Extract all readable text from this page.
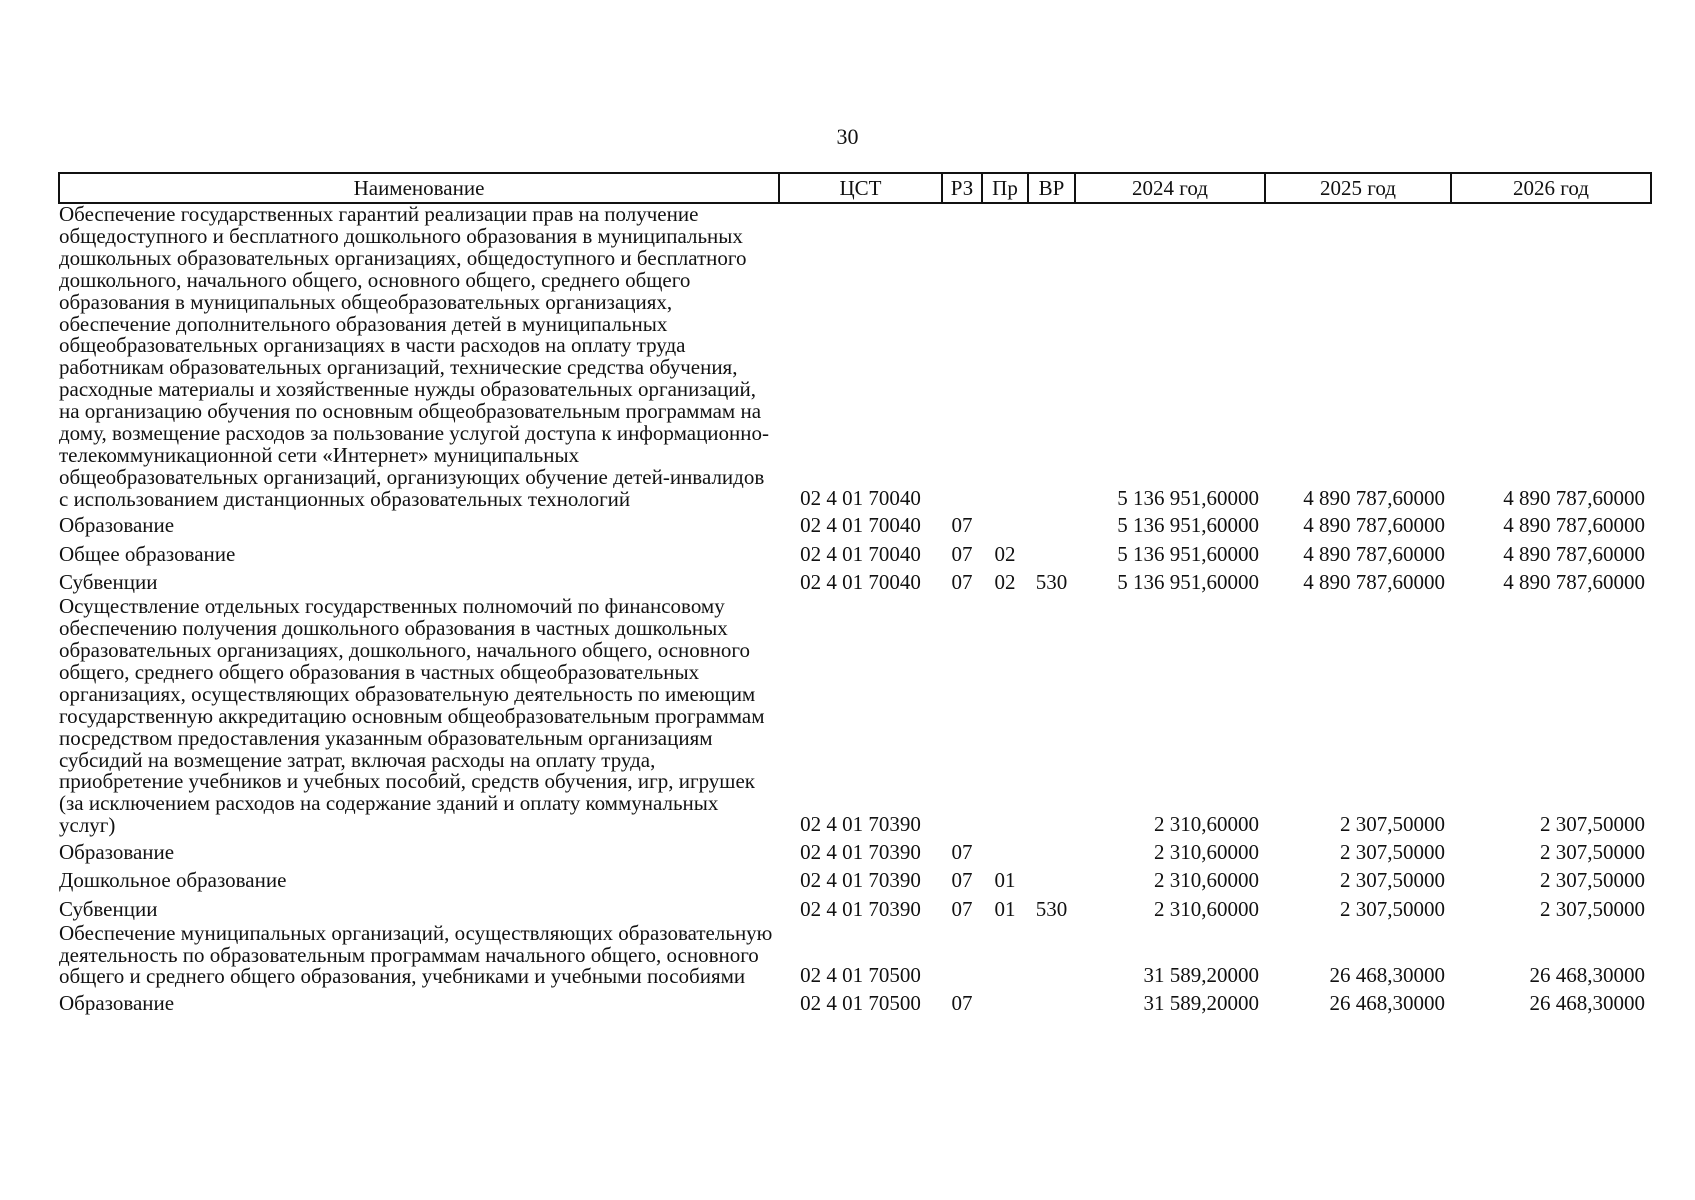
30
Наименование	ЦСТ	РЗ	Пр	ВР	2024 год	2025 год	2026 год
Обеспечение государственных гарантий реализации прав на получение общедоступного и бесплатного дошкольного образования в муниципальных дошкольных образовательных организациях, общедоступного и бесплатного дошкольного, начального общего, основного общего, среднего общего образования в муниципальных общеобразовательных организациях, обеспечение дополнительного образования детей в муниципальных общеобразовательных организациях в части расходов на оплату труда работникам образовательных организаций, технические средства обучения, расходные материалы и хозяйственные нужды образовательных организаций, на организацию обучения по основным общеобразовательным программам на дому, возмещение расходов за пользование услугой доступа к информационно-телекоммуникационной сети «Интернет» муниципальных общеобразовательных организаций, организующих обучение детей-инвалидов с использованием дистанционных образовательных технологий	02 4 01 70040				5 136 951,60000	4 890 787,60000	4 890 787,60000
Образование	02 4 01 70040	07			5 136 951,60000	4 890 787,60000	4 890 787,60000
Общее образование	02 4 01 70040	07	02		5 136 951,60000	4 890 787,60000	4 890 787,60000
Субвенции	02 4 01 70040	07	02	530	5 136 951,60000	4 890 787,60000	4 890 787,60000
Осуществление отдельных государственных полномочий по финансовому обеспечению получения дошкольного образования в частных дошкольных образовательных организациях, дошкольного, начального общего, основного общего, среднего общего образования в частных общеобразовательных организациях, осуществляющих образовательную деятельность по имеющим государственную аккредитацию основным общеобразовательным программам посредством предоставления указанным образовательным организациям субсидий на возмещение затрат, включая расходы на оплату труда, приобретение учебников и учебных пособий, средств обучения, игр, игрушек (за исключением расходов на содержание зданий и оплату коммунальных услуг)	02 4 01 70390				2 310,60000	2 307,50000	2 307,50000
Образование	02 4 01 70390	07			2 310,60000	2 307,50000	2 307,50000
Дошкольное образование	02 4 01 70390	07	01		2 310,60000	2 307,50000	2 307,50000
Субвенции	02 4 01 70390	07	01	530	2 310,60000	2 307,50000	2 307,50000
Обеспечение муниципальных организаций, осуществляющих образовательную деятельность по образовательным программам начального общего, основного общего и среднего общего образования, учебниками и учебными пособиями	02 4 01 70500				31 589,20000	26 468,30000	26 468,30000
Образование	02 4 01 70500	07			31 589,20000	26 468,30000	26 468,30000
